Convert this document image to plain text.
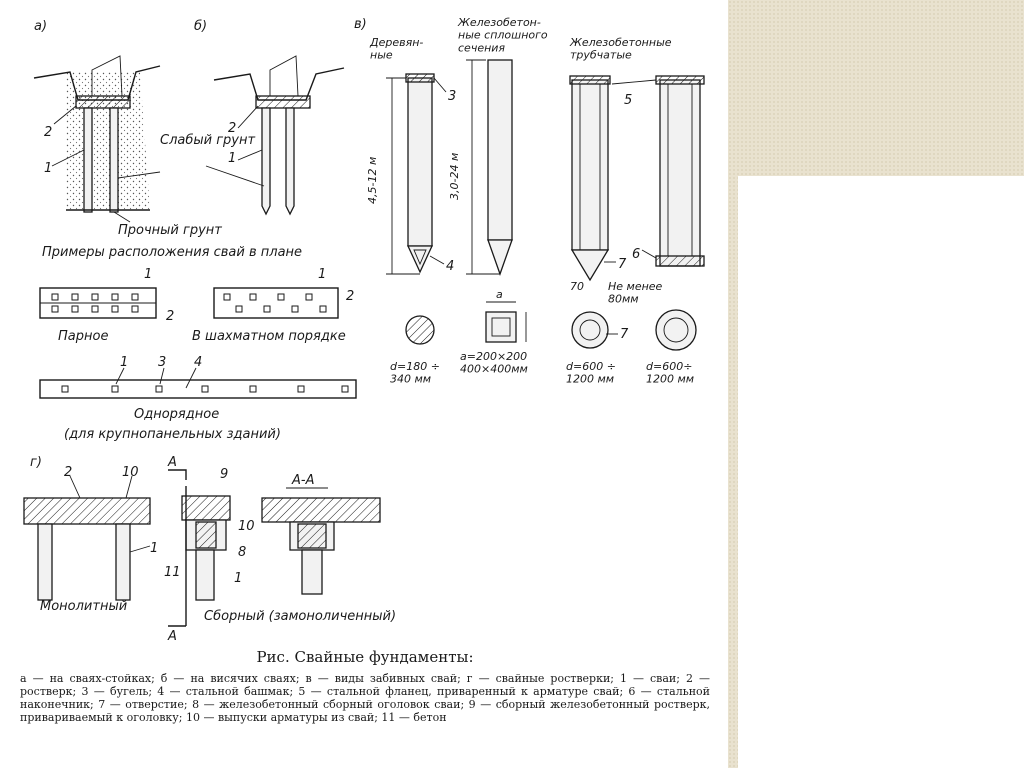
а)
2
1
б)
2
1
Слабый грунт
Прочный грунт
Примеры расположения свай в плане
1
2
Парное
1
2
В шахматном порядке
1 3 4
Однорядное
(для крупнопанельных зданий)
в)
Деревян-ные
Железобетон-ные сплошного сечения	Железобетонные трубчатые
4,5-12 м
3
4
3,0-24 м
7
70
5
6
Не менее 80мм
a
7
d=180 ÷ 340 мм
a=200×200 400×400мм	d=600 ÷ 1200 мм
d=600÷ 1200 мм
г)
2	10
1
Монолитный
А
А
9
10
8
11	1
Сборный (замоноличенный)
А-А

Рис. Свайные фундаменты:

а — на сваях-стойках; б — на висячих сваях; в — виды забивных свай; г — свайные ростверки; 1 — сваи; 2 — ростверк; 3 — бугель; 4 — стальной башмак; 5 — стальной фланец, приваренный к арматуре свай; 6 — стальной наконечник; 7 — отверстие; 8 — железобетонный сборный оголовок сваи; 9 — сборный железобетонный ростверк, привариваемый к оголовку; 10 — выпуски арматуры из свай; 11 — бетон
